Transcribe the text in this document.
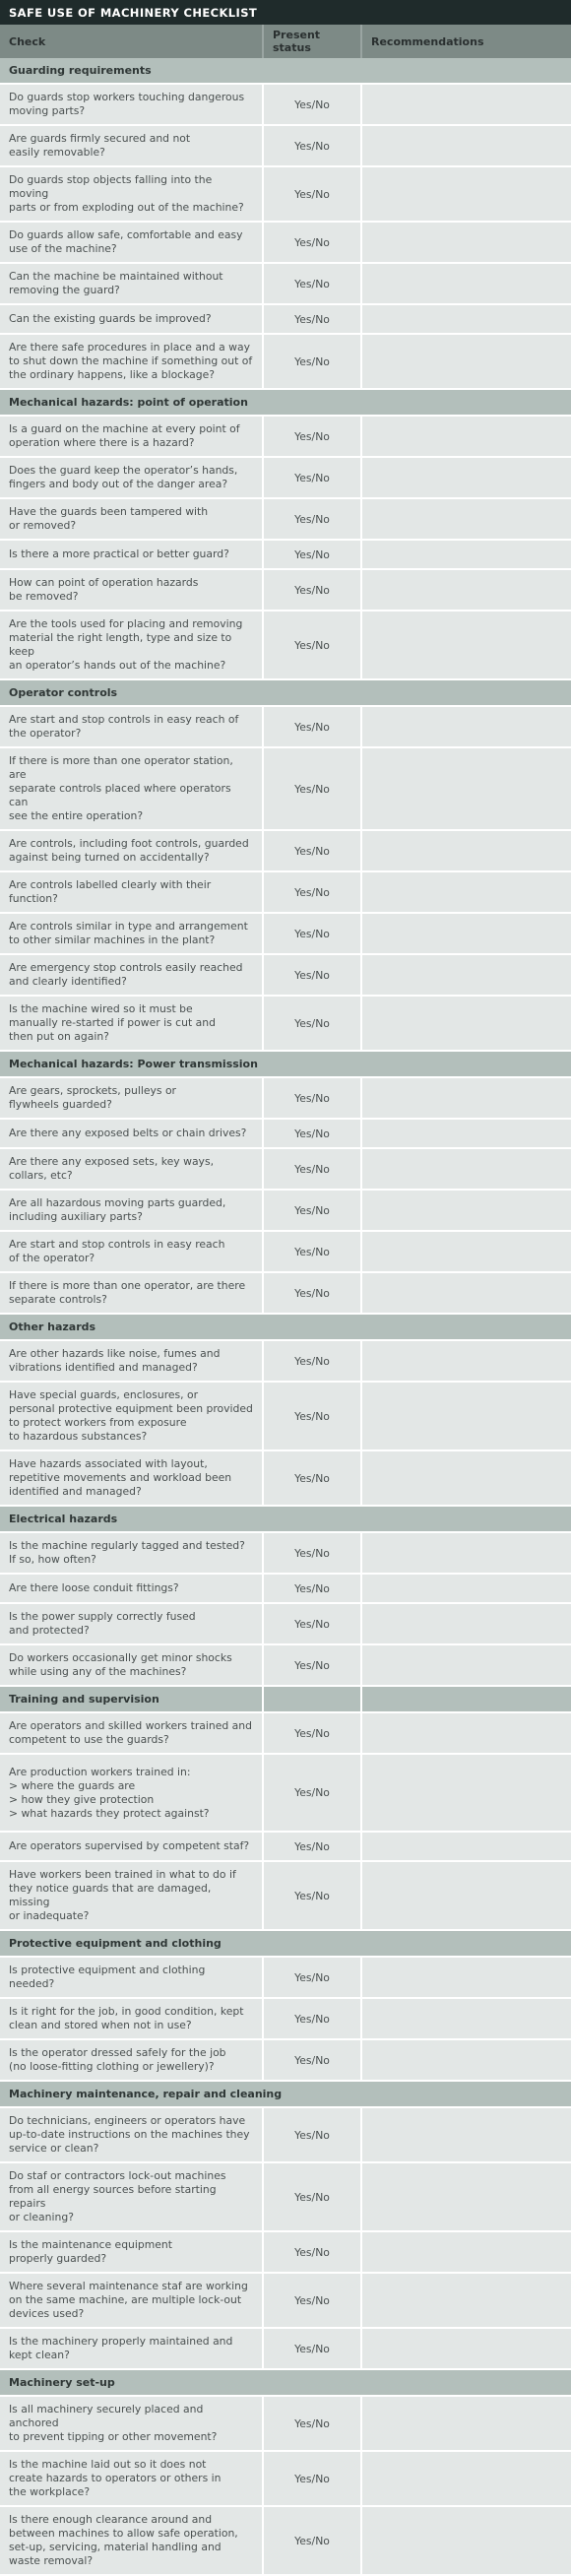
SAFE USE OF MACHINERY CHECKLIST
Check	Present status	Recommendations
Guarding requirements		

Do guards stop workers touching dangerous
moving parts?	Yes/No	

Are guards firmly secured and not
easily removable?	Yes/No	

Do guards stop objects falling into the moving
parts or from exploding out of the machine?	Yes/No	

Do guards allow safe, comfortable and easy
use of the machine?	Yes/No	

Can the machine be maintained without
removing the guard?	Yes/No	

Can the existing guards be improved?	Yes/No	

Are there safe procedures in place and a way
to shut down the machine if something out of
the ordinary happens, like a blockage?	Yes/No	
Mechanical hazards: point of operation		

Is a guard on the machine at every point of
operation where there is a hazard?	Yes/No	

Does the guard keep the operator’s hands,
fingers and body out of the danger area?	Yes/No	

Have the guards been tampered with
or removed?	Yes/No	

Is there a more practical or better guard?	Yes/No	

How can point of operation hazards
be removed?	Yes/No	

Are the tools used for placing and removing
material the right length, type and size to keep
an operator’s hands out of the machine?	Yes/No	
Operator controls		

Are start and stop controls in easy reach of
the operator?	Yes/No	

If there is more than one operator station, are
separate controls placed where operators can
see the entire operation?	Yes/No	

Are controls, including foot controls, guarded
against being turned on accidentally?	Yes/No	

Are controls labelled clearly with their function?	Yes/No	

Are controls similar in type and arrangement
to other similar machines in the plant?	Yes/No	

Are emergency stop controls easily reached
and clearly identified?	Yes/No	

Is the machine wired so it must be
manually re-started if power is cut and
then put on again?	Yes/No	
Mechanical hazards: Power transmission		

Are gears, sprockets, pulleys or
flywheels guarded?	Yes/No	

Are there any exposed belts or chain drives?	Yes/No	

Are there any exposed sets, key ways,
collars, etc?	Yes/No	

Are all hazardous moving parts guarded,
including auxiliary parts?	Yes/No	

Are start and stop controls in easy reach
of the operator?	Yes/No	

If there is more than one operator, are there
separate controls?	Yes/No	
Other hazards		

Are other hazards like noise, fumes and
vibrations identified and managed?	Yes/No	

Have special guards, enclosures, or
personal protective equipment been provided
to protect workers from exposure
to hazardous substances?	Yes/No	

Have hazards associated with layout,
repetitive movements and workload been
identified and managed?	Yes/No	
Electrical hazards		

Is the machine regularly tagged and tested?
If so, how often?	Yes/No	

Are there loose conduit fittings?	Yes/No	

Is the power supply correctly fused
and protected?	Yes/No	

Do workers occasionally get minor shocks
while using any of the machines?	Yes/No	
Training and supervision		

Are operators and skilled workers trained and
competent to use the guards?	Yes/No	

Are production workers trained in:
> where the guards are
> how they give protection
> what hazards they protect against?	Yes/No	

Are operators supervised by competent staf?	Yes/No	

Have workers been trained in what to do if
they notice guards that are damaged, missing
or inadequate?	Yes/No	
Protective equipment and clothing		

Is protective equipment and clothing needed?	Yes/No	

Is it right for the job, in good condition, kept
clean and stored when not in use?	Yes/No	

Is the operator dressed safely for the job
(no loose-fitting clothing or jewellery)?	Yes/No	
Machinery maintenance, repair and cleaning		

Do technicians, engineers or operators have
up-to-date instructions on the machines they
service or clean?	Yes/No	

Do staf or contractors lock-out machines
from all energy sources before starting repairs
or cleaning?	Yes/No	

Is the maintenance equipment
properly guarded?	Yes/No	

Where several maintenance staf are working
on the same machine, are multiple lock-out
devices used?	Yes/No	

Is the machinery properly maintained and
kept clean?	Yes/No	
Machinery set-up		

Is all machinery securely placed and anchored
to prevent tipping or other movement?	Yes/No	

Is the machine laid out so it does not
create hazards to operators or others in
the workplace?	Yes/No	

Is there enough clearance around and
between machines to allow safe operation,
set-up, servicing, material handling and
waste removal?	Yes/No	
